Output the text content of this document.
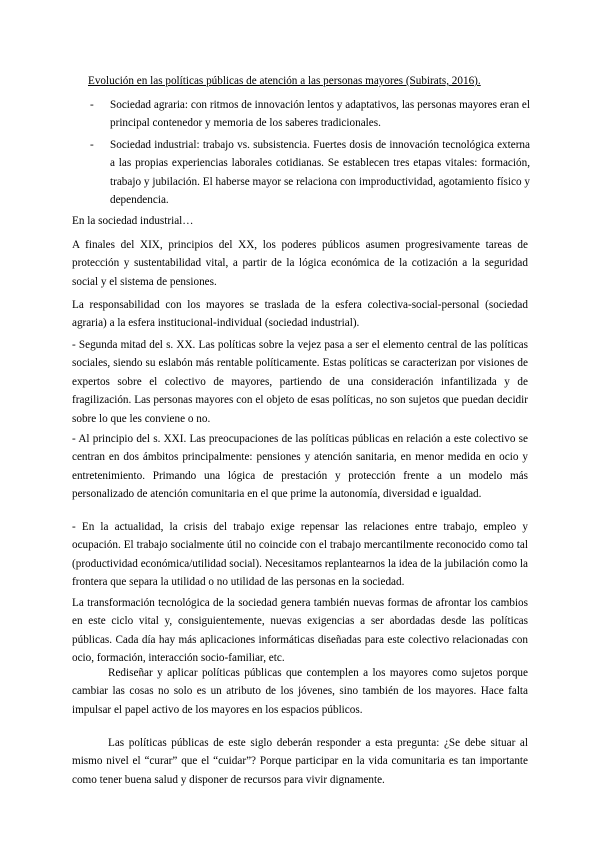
Evolución en las políticas públicas de atención a las personas mayores (Subirats, 2016).
- Sociedad agraria: con ritmos de innovación lentos y adaptativos, las personas mayores eran el principal contenedor y memoria de los saberes tradicionales.
- Sociedad industrial: trabajo vs. subsistencia. Fuertes dosis de innovación tecnológica externa a las propias experiencias laborales cotidianas. Se establecen tres etapas vitales: formación, trabajo y jubilación. El haberse mayor se relaciona con improductividad, agotamiento físico y dependencia.

En la sociedad industrial…

A finales del XIX, principios del XX, los poderes públicos asumen progresivamente tareas de protección y sustentabilidad vital, a partir de la lógica económica de la cotización a la seguridad social y el sistema de pensiones.

La responsabilidad con los mayores se traslada de la esfera colectiva-social-personal (sociedad agraria) a la esfera institucional-individual (sociedad industrial).

- Segunda mitad del s. XX. Las políticas sobre la vejez pasa a ser el elemento central de las políticas sociales, siendo su eslabón más rentable políticamente. Estas políticas se caracterizan por visiones de expertos sobre el colectivo de mayores, partiendo de una consideración infantilizada y de fragilización. Las personas mayores con el objeto de esas políticas, no son sujetos que puedan decidir sobre lo que les conviene o no.

- Al principio del s. XXI. Las preocupaciones de las políticas públicas en relación a este colectivo se centran en dos ámbitos principalmente: pensiones y atención sanitaria, en menor medida en ocio y entretenimiento. Primando una lógica de prestación y protección frente a un modelo más personalizado de atención comunitaria en el que prime la autonomía, diversidad e igualdad.

- En la actualidad, la crisis del trabajo exige repensar las relaciones entre trabajo, empleo y ocupación. El trabajo socialmente útil no coincide con el trabajo mercantilmente reconocido como tal (productividad económica/utilidad social). Necesitamos replantearnos la idea de la jubilación como la frontera que separa la utilidad o no utilidad de las personas en la sociedad.

La transformación tecnológica de la sociedad genera también nuevas formas de afrontar los cambios en este ciclo vital y, consiguientemente, nuevas exigencias a ser abordadas desde las políticas públicas. Cada día hay más aplicaciones informáticas diseñadas para este colectivo relacionadas con ocio, formación, interacción socio-familiar, etc.

Rediseñar y aplicar políticas públicas que contemplen a los mayores como sujetos porque cambiar las cosas no solo es un atributo de los jóvenes, sino también de los mayores. Hace falta impulsar el papel activo de los mayores en los espacios públicos.

Las políticas públicas de este siglo deberán responder a esta pregunta: ¿Se debe situar al mismo nivel el “curar” que el “cuidar”? Porque participar en la vida comunitaria es tan importante como tener buena salud y disponer de recursos para vivir dignamente.
